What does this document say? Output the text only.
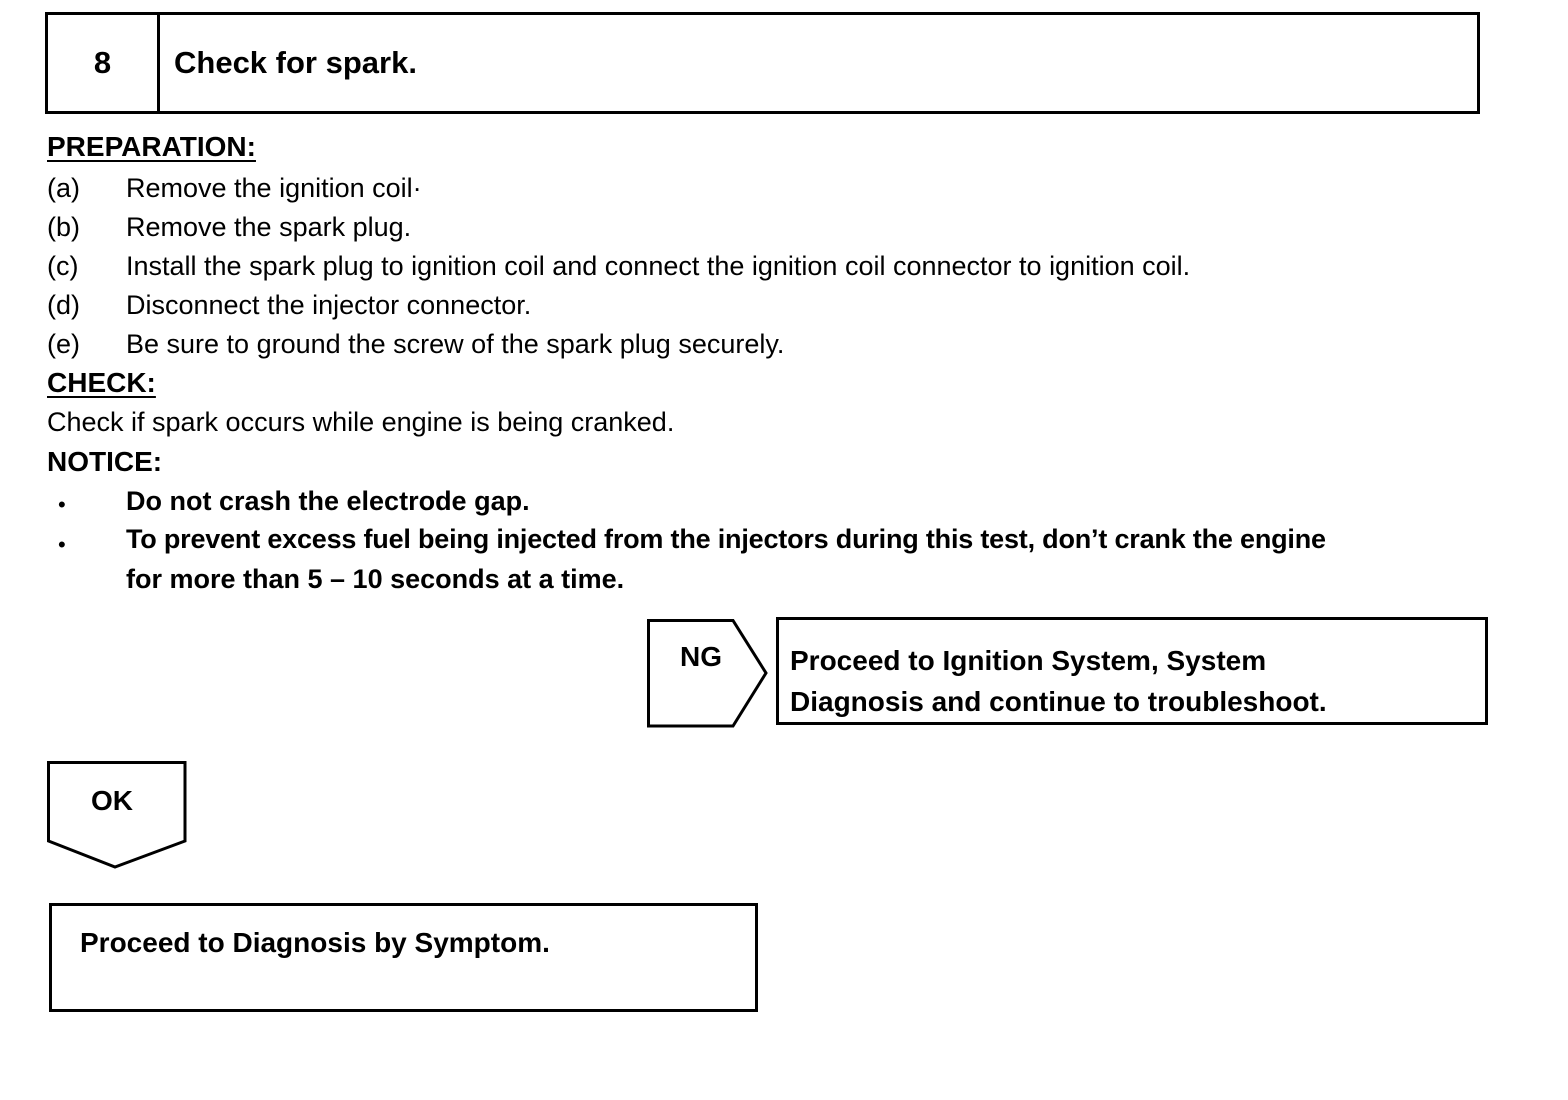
8	Check for spark.
PREPARATION:
(a) Remove the ignition coil·
(b) Remove the spark plug.
(c) Install the spark plug to ignition coil and connect the ignition coil connector to ignition coil.
(d) Disconnect the injector connector.
(e) Be sure to ground the screw of the spark plug securely.
CHECK:
Check if spark occurs while engine is being cranked.
NOTICE:
• Do not crash the electrode gap.
• To prevent excess fuel being injected from the injectors during this test, don’t crank the engine
for more than 5 – 10 seconds at a time.
NG Proceed to Ignition System, System
Diagnosis and continue to troubleshoot.
OK
Proceed to Diagnosis by Symptom.
